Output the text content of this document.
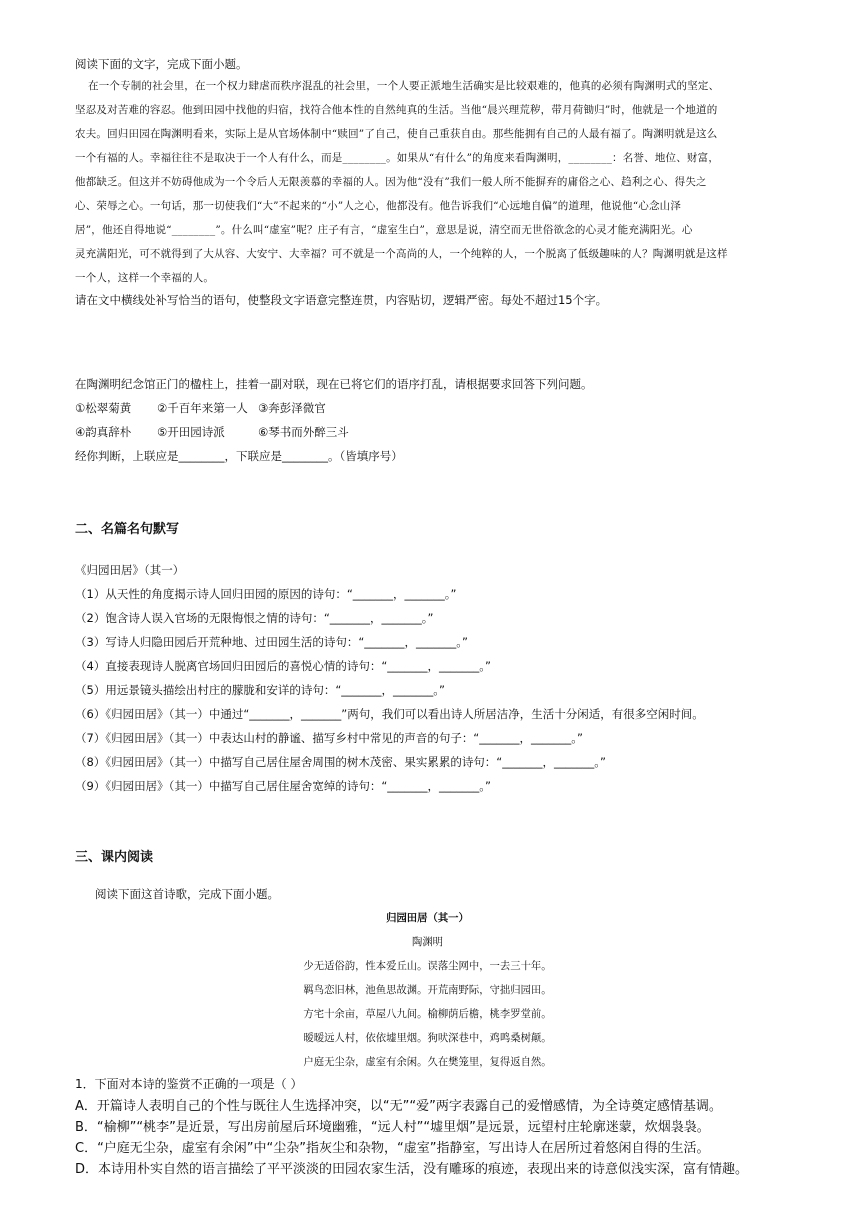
阅读下面的文字，完成下面小题。
在一个专制的社会里，在一个权力肆虐而秩序混乱的社会里，一个人要正派地生活确实是比较艰难的，他真的必须有陶渊明式的坚定、
坚忍及对苦难的容忍。他到田园中找他的归宿，找符合他本性的自然纯真的生活。当他“晨兴理荒秽，带月荷锄归”时，他就是一个地道的
农夫。回归田园在陶渊明看来，实际上是从官场体制中“赎回”了自己，使自己重获自由。那些能拥有自己的人最有福了。陶渊明就是这么
一个有福的人。幸福往往不是取决于一个人有什么，而是________。如果从“有什么”的角度来看陶渊明，________：名誉、地位、财富，
他都缺乏。但这并不妨碍他成为一个令后人无限羡慕的幸福的人。因为他“没有”我们一般人所不能摒弃的庸俗之心、趋利之心、得失之
心、荣辱之心。一句话，那一切使我们“大”不起来的“小”人之心，他都没有。他告诉我们“心远地自偏”的道理，他说他“心念山泽
居”，他还自得地说“________”。什么叫“虚室”呢？庄子有言，“虚室生白”，意思是说，清空而无世俗欲念的心灵才能充满阳光。心
灵充满阳光，可不就得到了大从容、大安宁、大幸福？可不就是一个高尚的人，一个纯粹的人，一个脱离了低级趣味的人？陶渊明就是这样
一个人，这样一个幸福的人。
请在文中横线处补写恰当的语句，使整段文字语意完整连贯，内容贴切，逻辑严密。每处不超过15个字。
在陶渊明纪念馆正门的楹柱上，挂着一副对联，现在已将它们的语序打乱，请根据要求回答下列问题。
①松翠菊黄 ②千百年来第一人 ③奔彭泽微官
④韵真辞朴 ⑤开田园诗派	⑥琴书而外醉三斗
经你判断，上联应是________，下联应是________。（皆填序号）
二、名篇名句默写
《归园田居》（其一）
（1）从天性的角度揭示诗人回归田园的原因的诗句：“_______，_______。”
（2）饱含诗人误入官场的无限悔恨之情的诗句：“_______，_______。”
（3）写诗人归隐田园后开荒种地、过田园生活的诗句：“_______，_______。”
（4）直接表现诗人脱离官场回归田园后的喜悦心情的诗句：“_______，_______。”
（5）用远景镜头描绘出村庄的朦胧和安详的诗句：“_______，_______。”
（6）《归园田居》（其一）中通过“_______，_______”两句，我们可以看出诗人所居洁净，生活十分闲适，有很多空闲时间。
（7）《归园田居》（其一）中表达山村的静谧、描写乡村中常见的声音的句子：“_______，_______。”
（8）《归园田居》（其一）中描写自己居住屋舍周围的树木茂密、果实累累的诗句：“_______，_______。”
（9）《归园田居》（其一）中描写自己居住屋舍宽绰的诗句：“_______，_______。”
三、课内阅读
阅读下面这首诗歌，完成下面小题。
归园田居（其一）
陶渊明
少无适俗韵，性本爱丘山。误落尘网中，一去三十年。
羁鸟恋旧林，池鱼思故渊。开荒南野际，守拙归园田。
方宅十余亩，草屋八九间。榆柳荫后檐，桃李罗堂前。
暧暧远人村，依依墟里烟。狗吠深巷中，鸡鸣桑树颠。
户庭无尘杂，虚室有余闲。久在樊笼里，复得返自然。
1．下面对本诗的鉴赏不正确的一项是（ ）
A．开篇诗人表明自己的个性与既往人生选择冲突，以“无”“爱”两字表露自己的爱憎感情，为全诗奠定感情基调。
B．“榆柳”“桃李”是近景，写出房前屋后环境幽雅，“远人村”“墟里烟”是远景，远望村庄轮廓迷蒙，炊烟袅袅。
C．“户庭无尘杂，虚室有余闲”中“尘杂”指灰尘和杂物，“虚室”指静室，写出诗人在居所过着悠闲自得的生活。
D．本诗用朴实自然的语言描绘了平平淡淡的田园农家生活，没有雕琢的痕迹，表现出来的诗意似浅实深，富有情趣。
